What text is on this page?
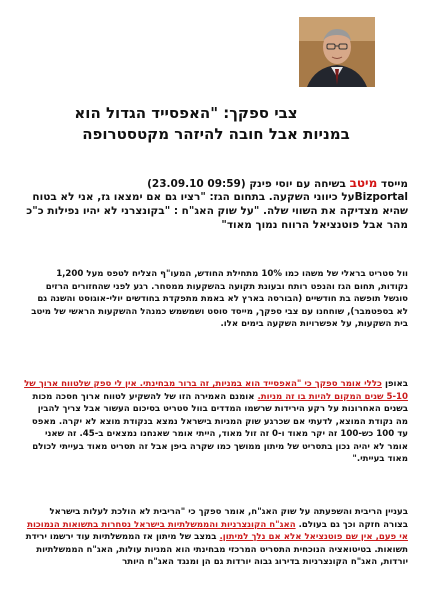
צבי ספקך: "האפסייד הגדול הוא
במניות אבל חובה להיזהר מקטסטרופה
מייסד מיטב בשיחה עם יוסי פינק (09:59 23.09.10)
Bizportalעל כיווני השקעה. בתחום הגז: "רציו גם אם ימצאו גז, אני לא בטוח שהיא מצדיקה את השווי שלה. "על שוק האג"ח : "בקונצרני לא יהיו נפילות כ"כ מהר אבל פוטנציאל הרווח נמוך מאוד"
וול סטריט בראלי של משהו כמו 10% מתחילת החודש, המעו"ף הצליח לטפס מעל 1,200 נקודות, תחום הגז והנפט רותח ובעונת תקועה בהשקעות ממסחר. רגע לפני שהחזורים הרזים סוגשל תופשה בת חודשיים (הבורסה בארץ לא באמת מתפקדת בחודשים יולי-אוגוסט והשנה גם לא בספטמבר), שוחחנו עם צבי ספקך, מייסד סוסט ושמשמש כמנהל ההשקעות הראשי של מיטב בית השקעות, על אפשרויות השקעה בימים אלו.
באופן כללי אומר ספקך כי "האפסייד הוא במניות, זה ברור מבחינתי. אין לי ספק שלטווח ארוך של 5-10 שנים המקום להיות בו זה מניות. אומנם האמירה הזו של להשקיע לטווח ארוך חסכה מכות בשנים האחרונות על רקע הירידות שרשמו המדדים בוול סטריט בסיכום העשור אבל צריך להבין מה נקודת המוצא, לדעתי אם שכרגע שוק המניות בישראל נמצא בנקודת מוצא לא יקרה. מאפס עד 100 כש-100 זה יקר מאוד ו-0 זה זול מאוד, הייתי אומר שאנחנו נמצאים ב-45. זה שאני אומר לא יהיה נכון בתסריט של מיתון ממושך כמו שקרה ביפן אבל זה תסריט מאוד בעייתי לכולם מאוד בעייתי."
בעניין הריבית והשפעתה על שוק האג"ח, אומר ספקך כי "הריבית לא הולכת לעלות בישראל בצורה חזקה וכך גם בעולם. האג"ח הקונצרניות והממשלתיות בישראל נסחרות בתשואות הנמוכות אי פעם, אין שם פוטנציאל אלא אם נלך למיתון. במצב של מיתון אז הממשלתיות עוד ירשמו ירידת תשואות. בטיטואציה הנוכחית התסריט המרכזי מבחינתי הוא המניות עולות, האג"ח הממשלתיות יורדות, האג"ח הקונצרניות בדירוג גבוה יורדות גם הן ומנגד האג"ח היותר
